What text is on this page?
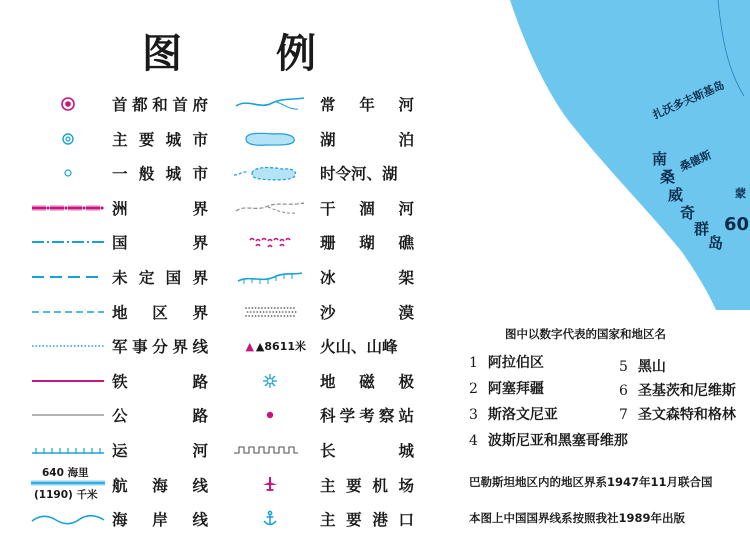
图 例
首 都 和 首 府
主 要 城 市
一 般 城 市
洲	界
国	界
未 定 国 界
地 区 界
军 事 分 界 线
铁	路
公	路
运	河
640 海里
(1190) 千米 航 海 线
海 岸 线
常 年 河
湖	泊
时令河、湖
干 涸 河
珊 瑚 礁
冰	架
沙	漠
▲ ▲8611米 火山、山峰
地 磁 极
科 学 考 察 站
长	城
主 要 机 场
主 要 港 口
扎沃多夫斯基岛
桑德斯
蒙
南
桑
威
奇
群
岛
60
图中以数字代表的国家和地区名
1 阿拉伯区
2 阿塞拜疆
3 斯洛文尼亚
4 波斯尼亚和黑塞哥维那
5 黑山
6 圣基茨和尼维斯
7 圣文森特和格林
巴勒斯坦地区内的地区界系1947年11月联合国
本图上中国国界线系按照我社1989年出版
